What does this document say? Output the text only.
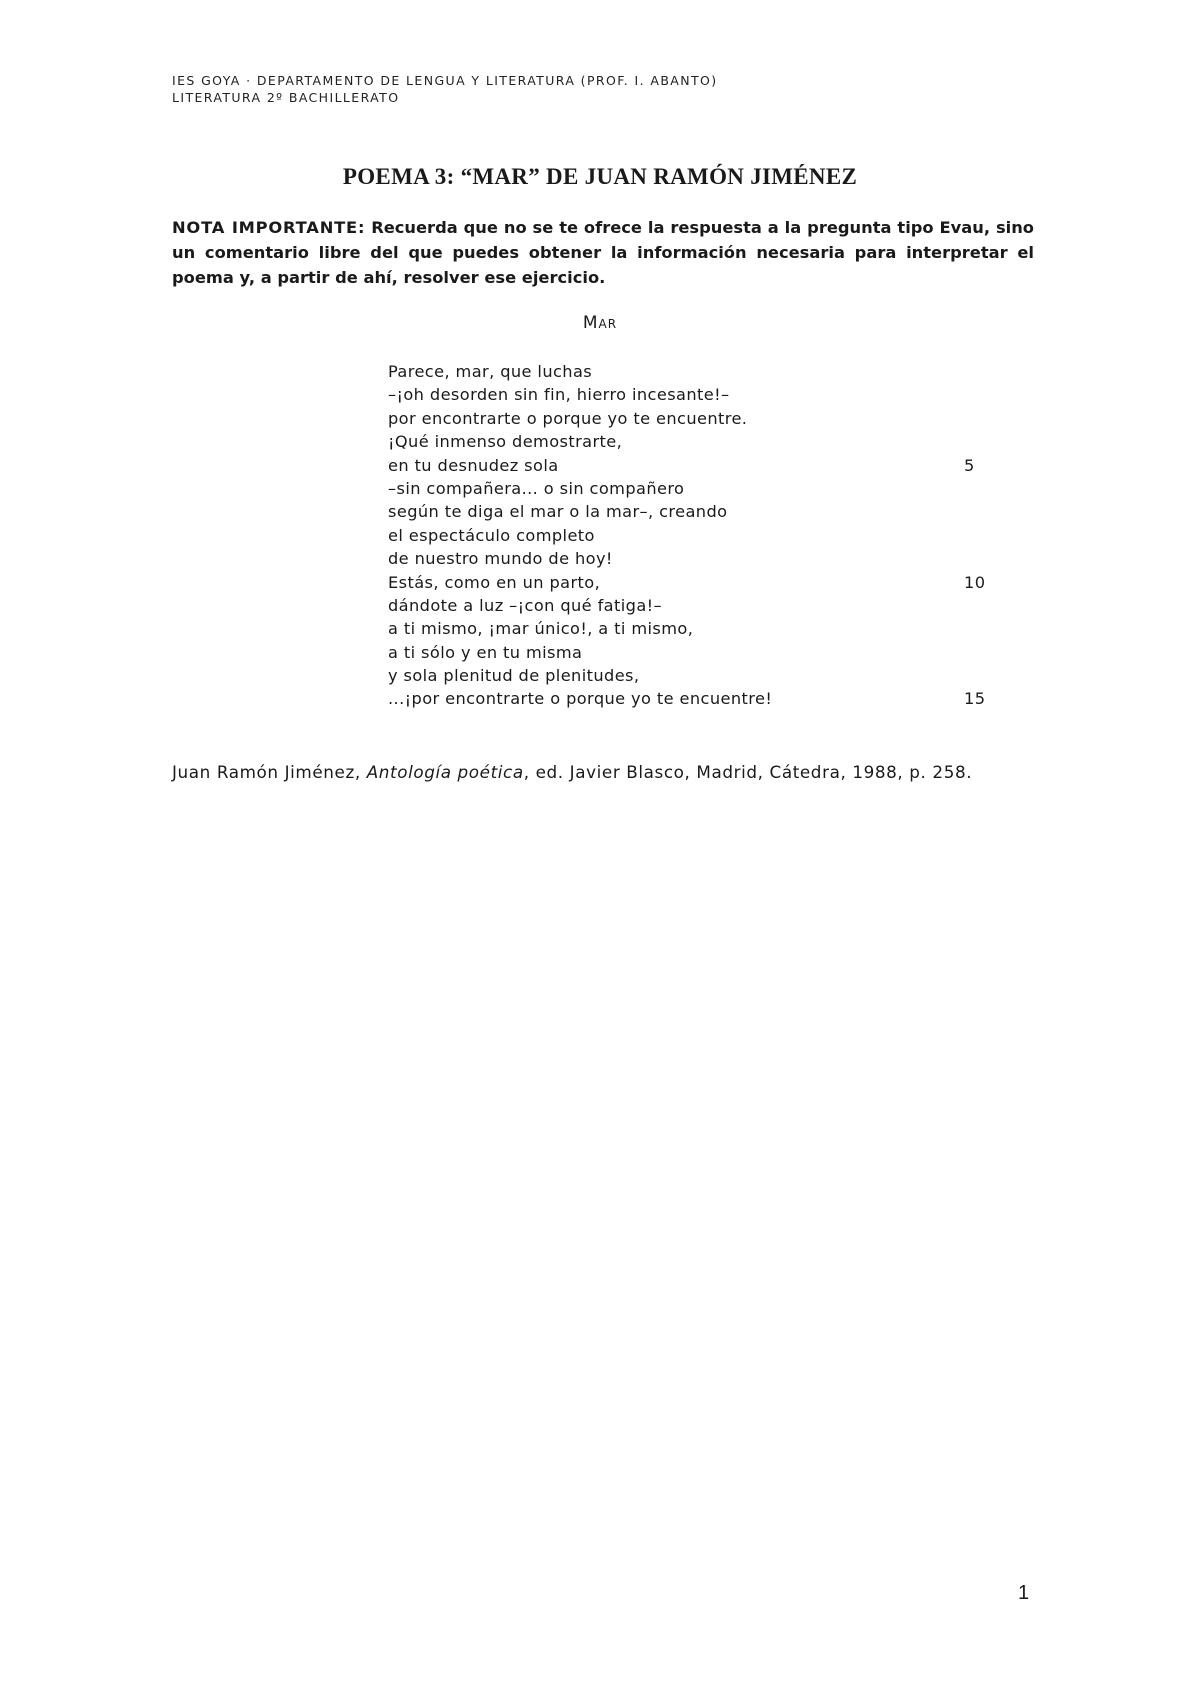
IES GOYA · DEPARTAMENTO DE LENGUA Y LITERATURA (PROF. I. ABANTO)
LITERATURA 2º BACHILLERATO
POEMA 3: “MAR” DE JUAN RAMÓN JIMÉNEZ

NOTA IMPORTANTE: Recuerda que no se te ofrece la respuesta a la pregunta tipo Evau, sino un comentario libre del que puedes obtener la información necesaria para interpretar el poema y, a partir de ahí, resolver ese ejercicio.

Mar
Parece, mar, que luchas
–¡oh desorden sin fin, hierro incesante!–
por encontrarte o porque yo te encuentre.
¡Qué inmenso demostrarte,
en tu desnudez sola	5
–sin compañera... o sin compañero
según te diga el mar o la mar–, creando
el espectáculo completo
de nuestro mundo de hoy!
Estás, como en un parto,	10
dándote a luz –¡con qué fatiga!–
a ti mismo, ¡mar único!, a ti mismo,
a ti sólo y en tu misma
y sola plenitud de plenitudes,
...¡por encontrarte o porque yo te encuentre!	15

Juan Ramón Jiménez, Antología poética, ed. Javier Blasco, Madrid, Cátedra, 1988, p. 258.

1
